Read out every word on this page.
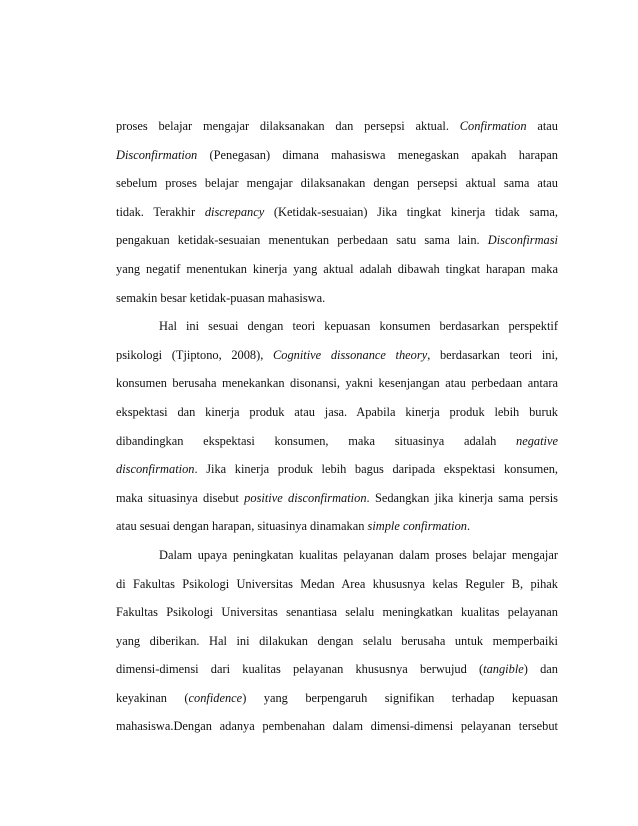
proses belajar mengajar dilaksanakan dan persepsi aktual. Confirmation atau
Disconfirmation (Penegasan) dimana mahasiswa menegaskan apakah harapan
sebelum proses belajar mengajar dilaksanakan dengan persepsi aktual sama atau
tidak. Terakhir discrepancy (Ketidak-sesuaian) Jika tingkat kinerja tidak sama,
pengakuan ketidak-sesuaian menentukan perbedaan satu sama lain. Disconfirmasi
yang negatif menentukan kinerja yang aktual adalah dibawah tingkat harapan maka
semakin besar ketidak-puasan mahasiswa.
Hal ini sesuai dengan teori kepuasan konsumen berdasarkan perspektif
psikologi (Tjiptono, 2008), Cognitive dissonance theory, berdasarkan teori ini,
konsumen berusaha menekankan disonansi, yakni kesenjangan atau perbedaan antara
ekspektasi dan kinerja produk atau jasa. Apabila kinerja produk lebih buruk
dibandingkan ekspektasi konsumen, maka situasinya adalah negative
disconfirmation. Jika kinerja produk lebih bagus daripada ekspektasi konsumen,
maka situasinya disebut positive disconfirmation. Sedangkan jika kinerja sama persis
atau sesuai dengan harapan, situasinya dinamakan simple confirmation.
Dalam upaya peningkatan kualitas pelayanan dalam proses belajar mengajar
di Fakultas Psikologi Universitas Medan Area khususnya kelas Reguler B, pihak
Fakultas Psikologi Universitas senantiasa selalu meningkatkan kualitas pelayanan
yang diberikan. Hal ini dilakukan dengan selalu berusaha untuk memperbaiki
dimensi-dimensi dari kualitas pelayanan khususnya berwujud (tangible) dan
keyakinan (confidence) yang berpengaruh signifikan terhadap kepuasan
mahasiswa.Dengan adanya pembenahan dalam dimensi-dimensi pelayanan tersebut
